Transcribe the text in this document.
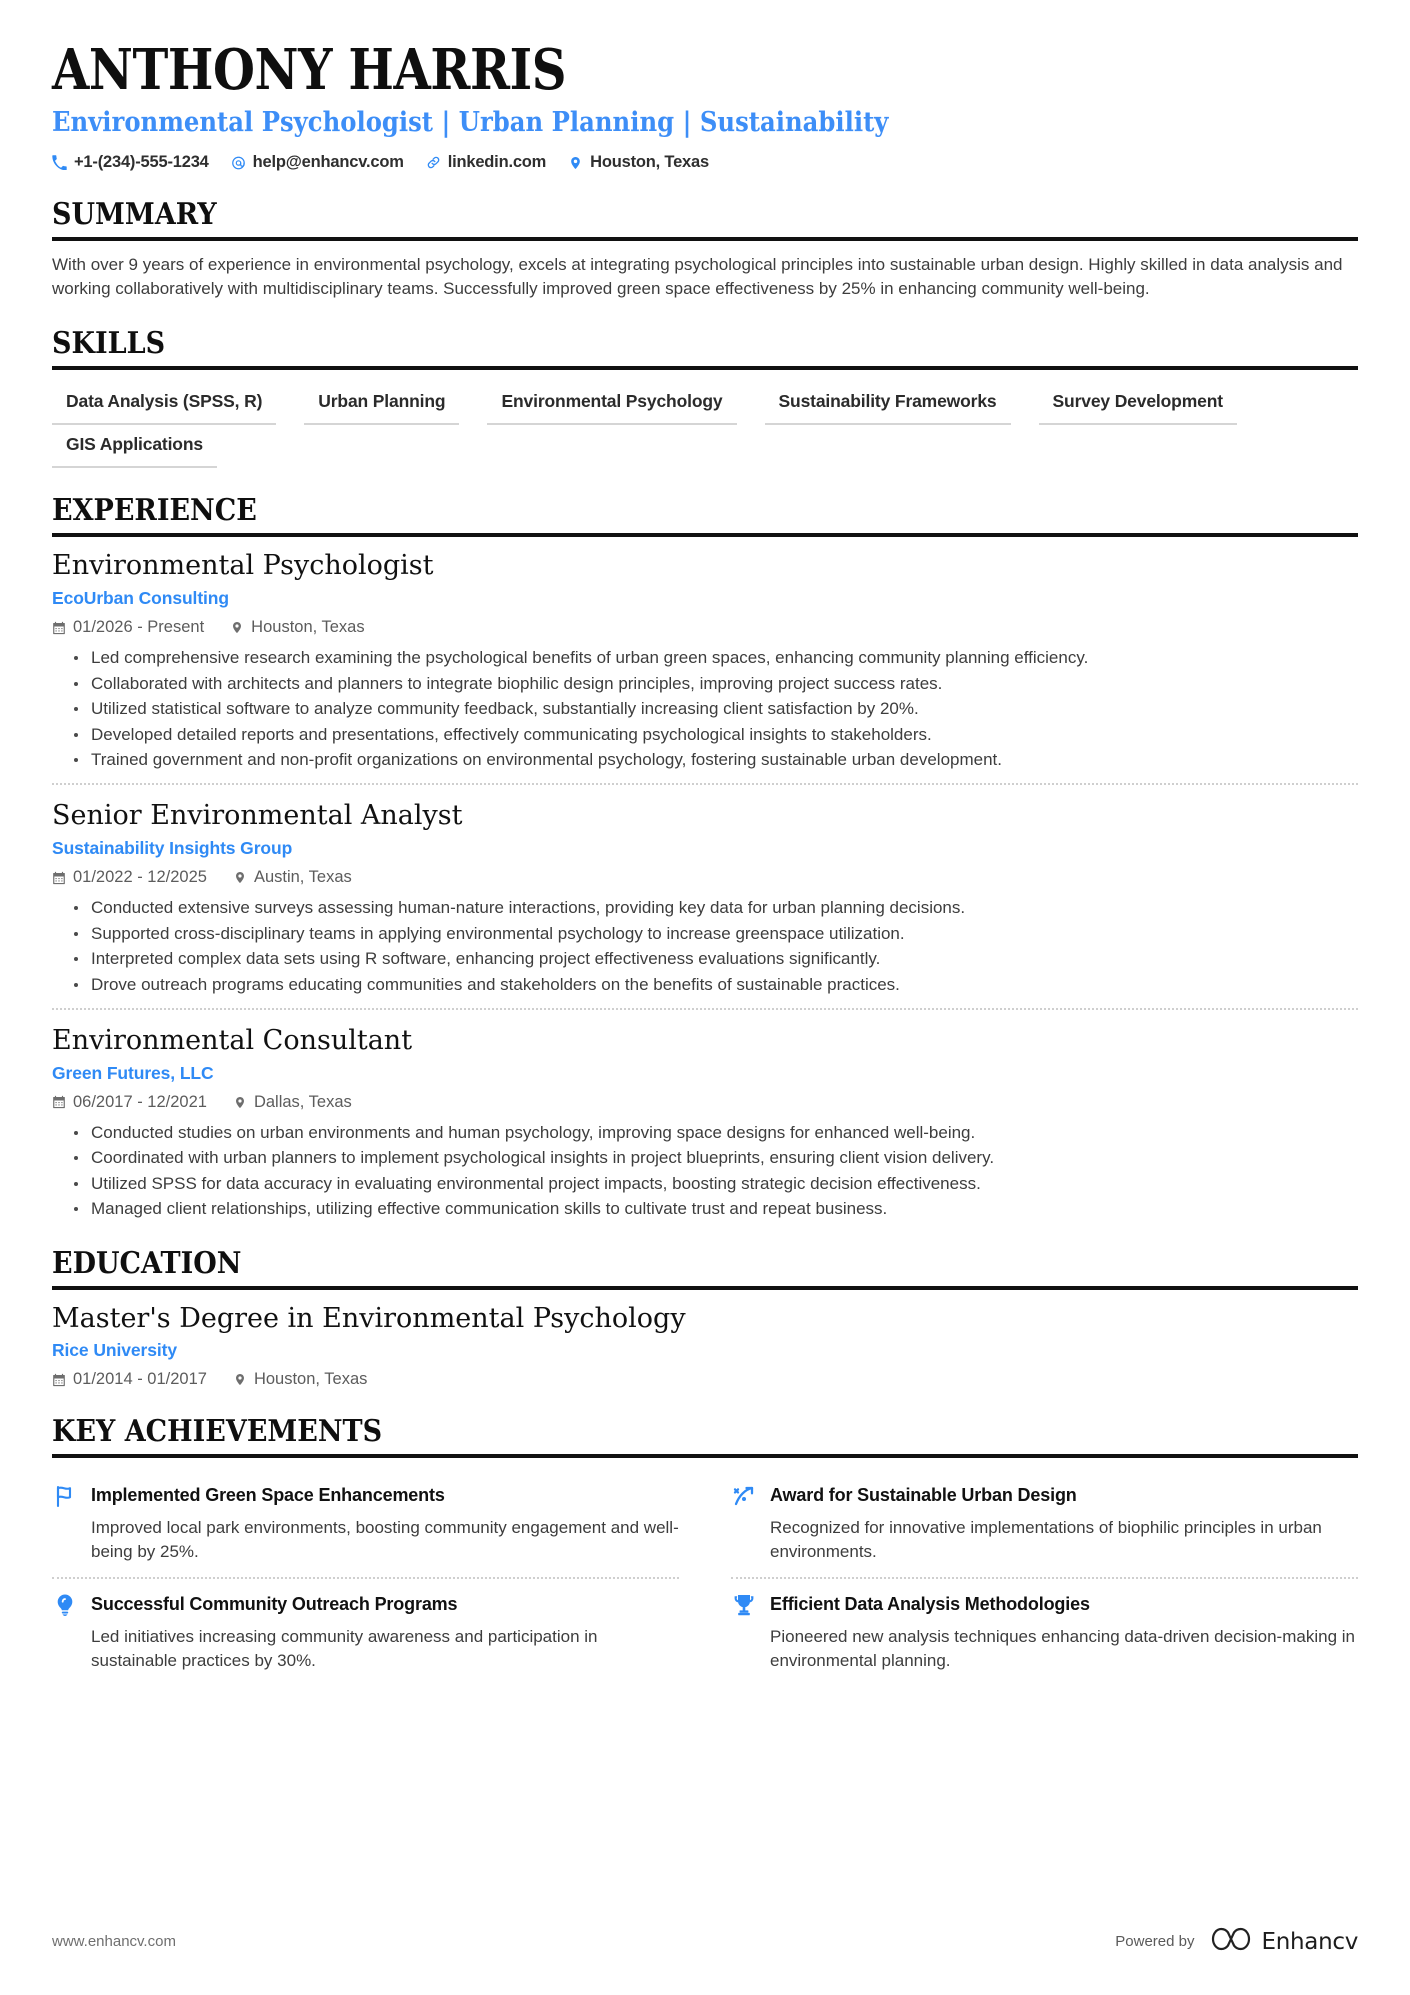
ANTHONY HARRIS
Environmental Psychologist | Urban Planning | Sustainability
+1-(234)-555-1234	help@enhancv.com	linkedin.com	Houston, Texas
SUMMARY

With over 9 years of experience in environmental psychology, excels at integrating psychological principles into sustainable urban design. Highly skilled in data analysis and working collaboratively with multidisciplinary teams. Successfully improved green space effectiveness by 25% in enhancing community well-being.

SKILLS
Data Analysis (SPSS, R)	Urban Planning	Environmental Psychology	Sustainability Frameworks	Survey Development
GIS Applications
EXPERIENCE
Environmental Psychologist
EcoUrban Consulting
01/2026 - Present	Houston, Texas
Led comprehensive research examining the psychological benefits of urban green spaces, enhancing community planning efficiency.
Collaborated with architects and planners to integrate biophilic design principles, improving project success rates.
Utilized statistical software to analyze community feedback, substantially increasing client satisfaction by 20%.
Developed detailed reports and presentations, effectively communicating psychological insights to stakeholders.
Trained government and non-profit organizations on environmental psychology, fostering sustainable urban development.
Senior Environmental Analyst
Sustainability Insights Group
01/2022 - 12/2025	Austin, Texas
Conducted extensive surveys assessing human-nature interactions, providing key data for urban planning decisions.
Supported cross-disciplinary teams in applying environmental psychology to increase greenspace utilization.
Interpreted complex data sets using R software, enhancing project effectiveness evaluations significantly.
Drove outreach programs educating communities and stakeholders on the benefits of sustainable practices.
Environmental Consultant
Green Futures, LLC
06/2017 - 12/2021	Dallas, Texas
Conducted studies on urban environments and human psychology, improving space designs for enhanced well-being.
Coordinated with urban planners to implement psychological insights in project blueprints, ensuring client vision delivery.
Utilized SPSS for data accuracy in evaluating environmental project impacts, boosting strategic decision effectiveness.
Managed client relationships, utilizing effective communication skills to cultivate trust and repeat business.
EDUCATION
Master's Degree in Environmental Psychology
Rice University
01/2014 - 01/2017	Houston, Texas
KEY ACHIEVEMENTS
Implemented Green Space Enhancements
Improved local park environments, boosting community engagement and well-being by 25%.
Award for Sustainable Urban Design
Recognized for innovative implementations of biophilic principles in urban environments.
Successful Community Outreach Programs
Led initiatives increasing community awareness and participation in sustainable practices by 30%.
Efficient Data Analysis Methodologies
Pioneered new analysis techniques enhancing data-driven decision-making in environmental planning.
www.enhancv.com	Powered by	Enhancv
